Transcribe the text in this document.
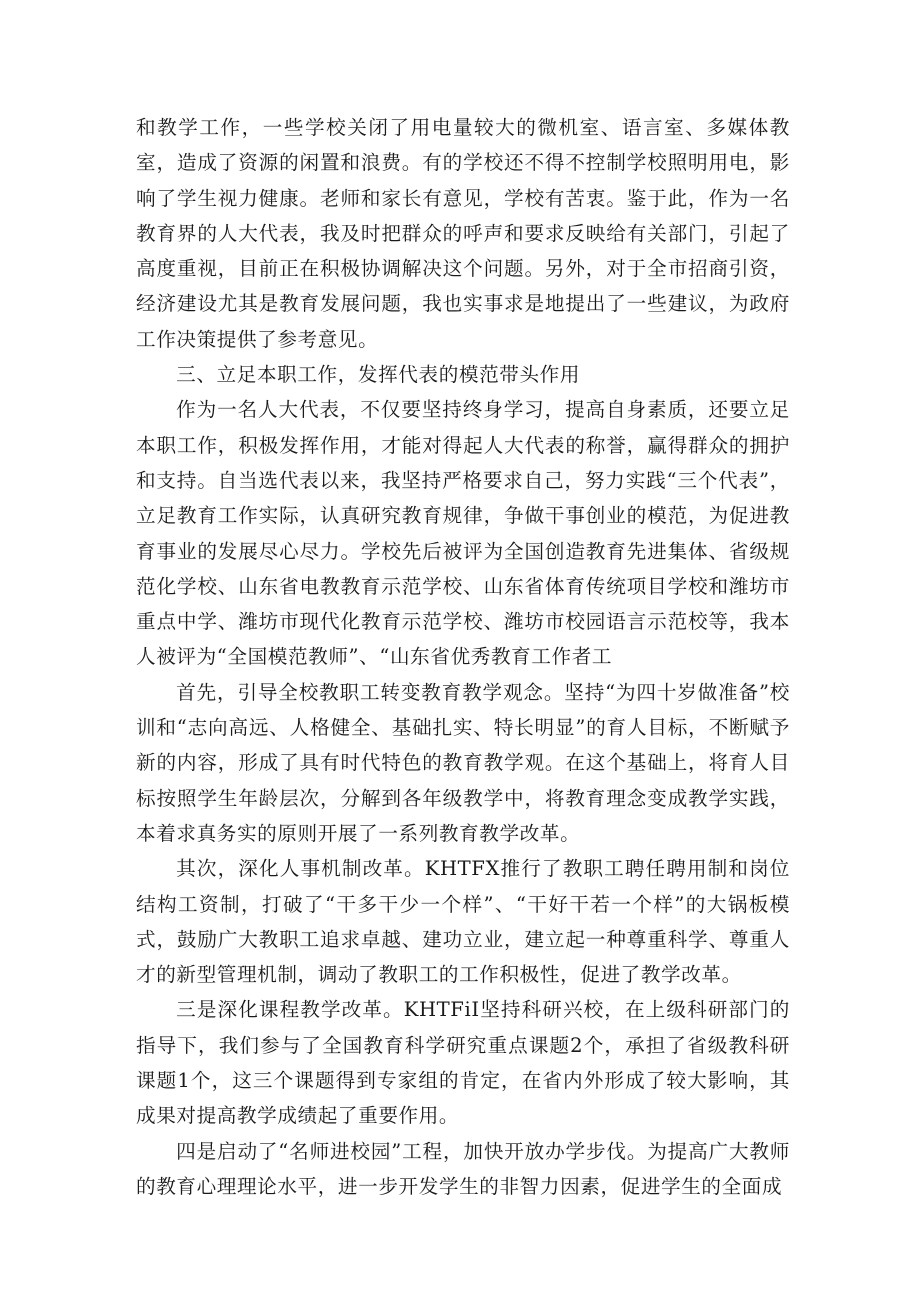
和教学工作，一些学校关闭了用电量较大的微机室、语言室、多媒体教室，造成了资源的闲置和浪费。有的学校还不得不控制学校照明用电，影响了学生视力健康。老师和家长有意见，学校有苦衷。鉴于此，作为一名教育界的人大代表，我及时把群众的呼声和要求反映给有关部门，引起了高度重视，目前正在积极协调解决这个问题。另外，对于全市招商引资，经济建设尤其是教育发展问题，我也实事求是地提出了一些建议，为政府工作决策提供了参考意见。

三、立足本职工作，发挥代表的模范带头作用

作为一名人大代表，不仅要坚持终身学习，提高自身素质，还要立足本职工作，积极发挥作用，才能对得起人大代表的称誉，赢得群众的拥护和支持。自当选代表以来，我坚持严格要求自己，努力实践“三个代表”，立足教育工作实际，认真研究教育规律，争做干事创业的模范，为促进教育事业的发展尽心尽力。学校先后被评为全国创造教育先进集体、省级规范化学校、山东省电教教育示范学校、山东省体育传统项目学校和潍坊市重点中学、潍坊市现代化教育示范学校、潍坊市校园语言示范校等，我本人被评为“全国模范教师”、“山东省优秀教育工作者工

首先，引导全校教职工转变教育教学观念。坚持“为四十岁做准备”校训和“志向高远、人格健全、基础扎实、特长明显”的育人目标，不断赋予新的内容，形成了具有时代特色的教育教学观。在这个基础上，将育人目标按照学生年龄层次，分解到各年级教学中，将教育理念变成教学实践，本着求真务实的原则开展了一系列教育教学改革。

其次，深化人事机制改革。KHTFX推行了教职工聘任聘用制和岗位结构工资制，打破了“干多干少一个样”、“干好干若一个样”的大锅板模式，鼓励广大教职工追求卓越、建功立业，建立起一种尊重科学、尊重人才的新型管理机制，调动了教职工的工作积极性，促进了教学改革。

三是深化课程教学改革。KHTFiI坚持科研兴校，在上级科研部门的指导下，我们参与了全国教育科学研究重点课题2个，承担了省级教科研课题1个，这三个课题得到专家组的肯定，在省内外形成了较大影响，其成果对提高教学成绩起了重要作用。

四是启动了“名师进校园”工程，加快开放办学步伐。为提高广大教师的教育心理理论水平，进一步开发学生的非智力因素，促进学生的全面成
